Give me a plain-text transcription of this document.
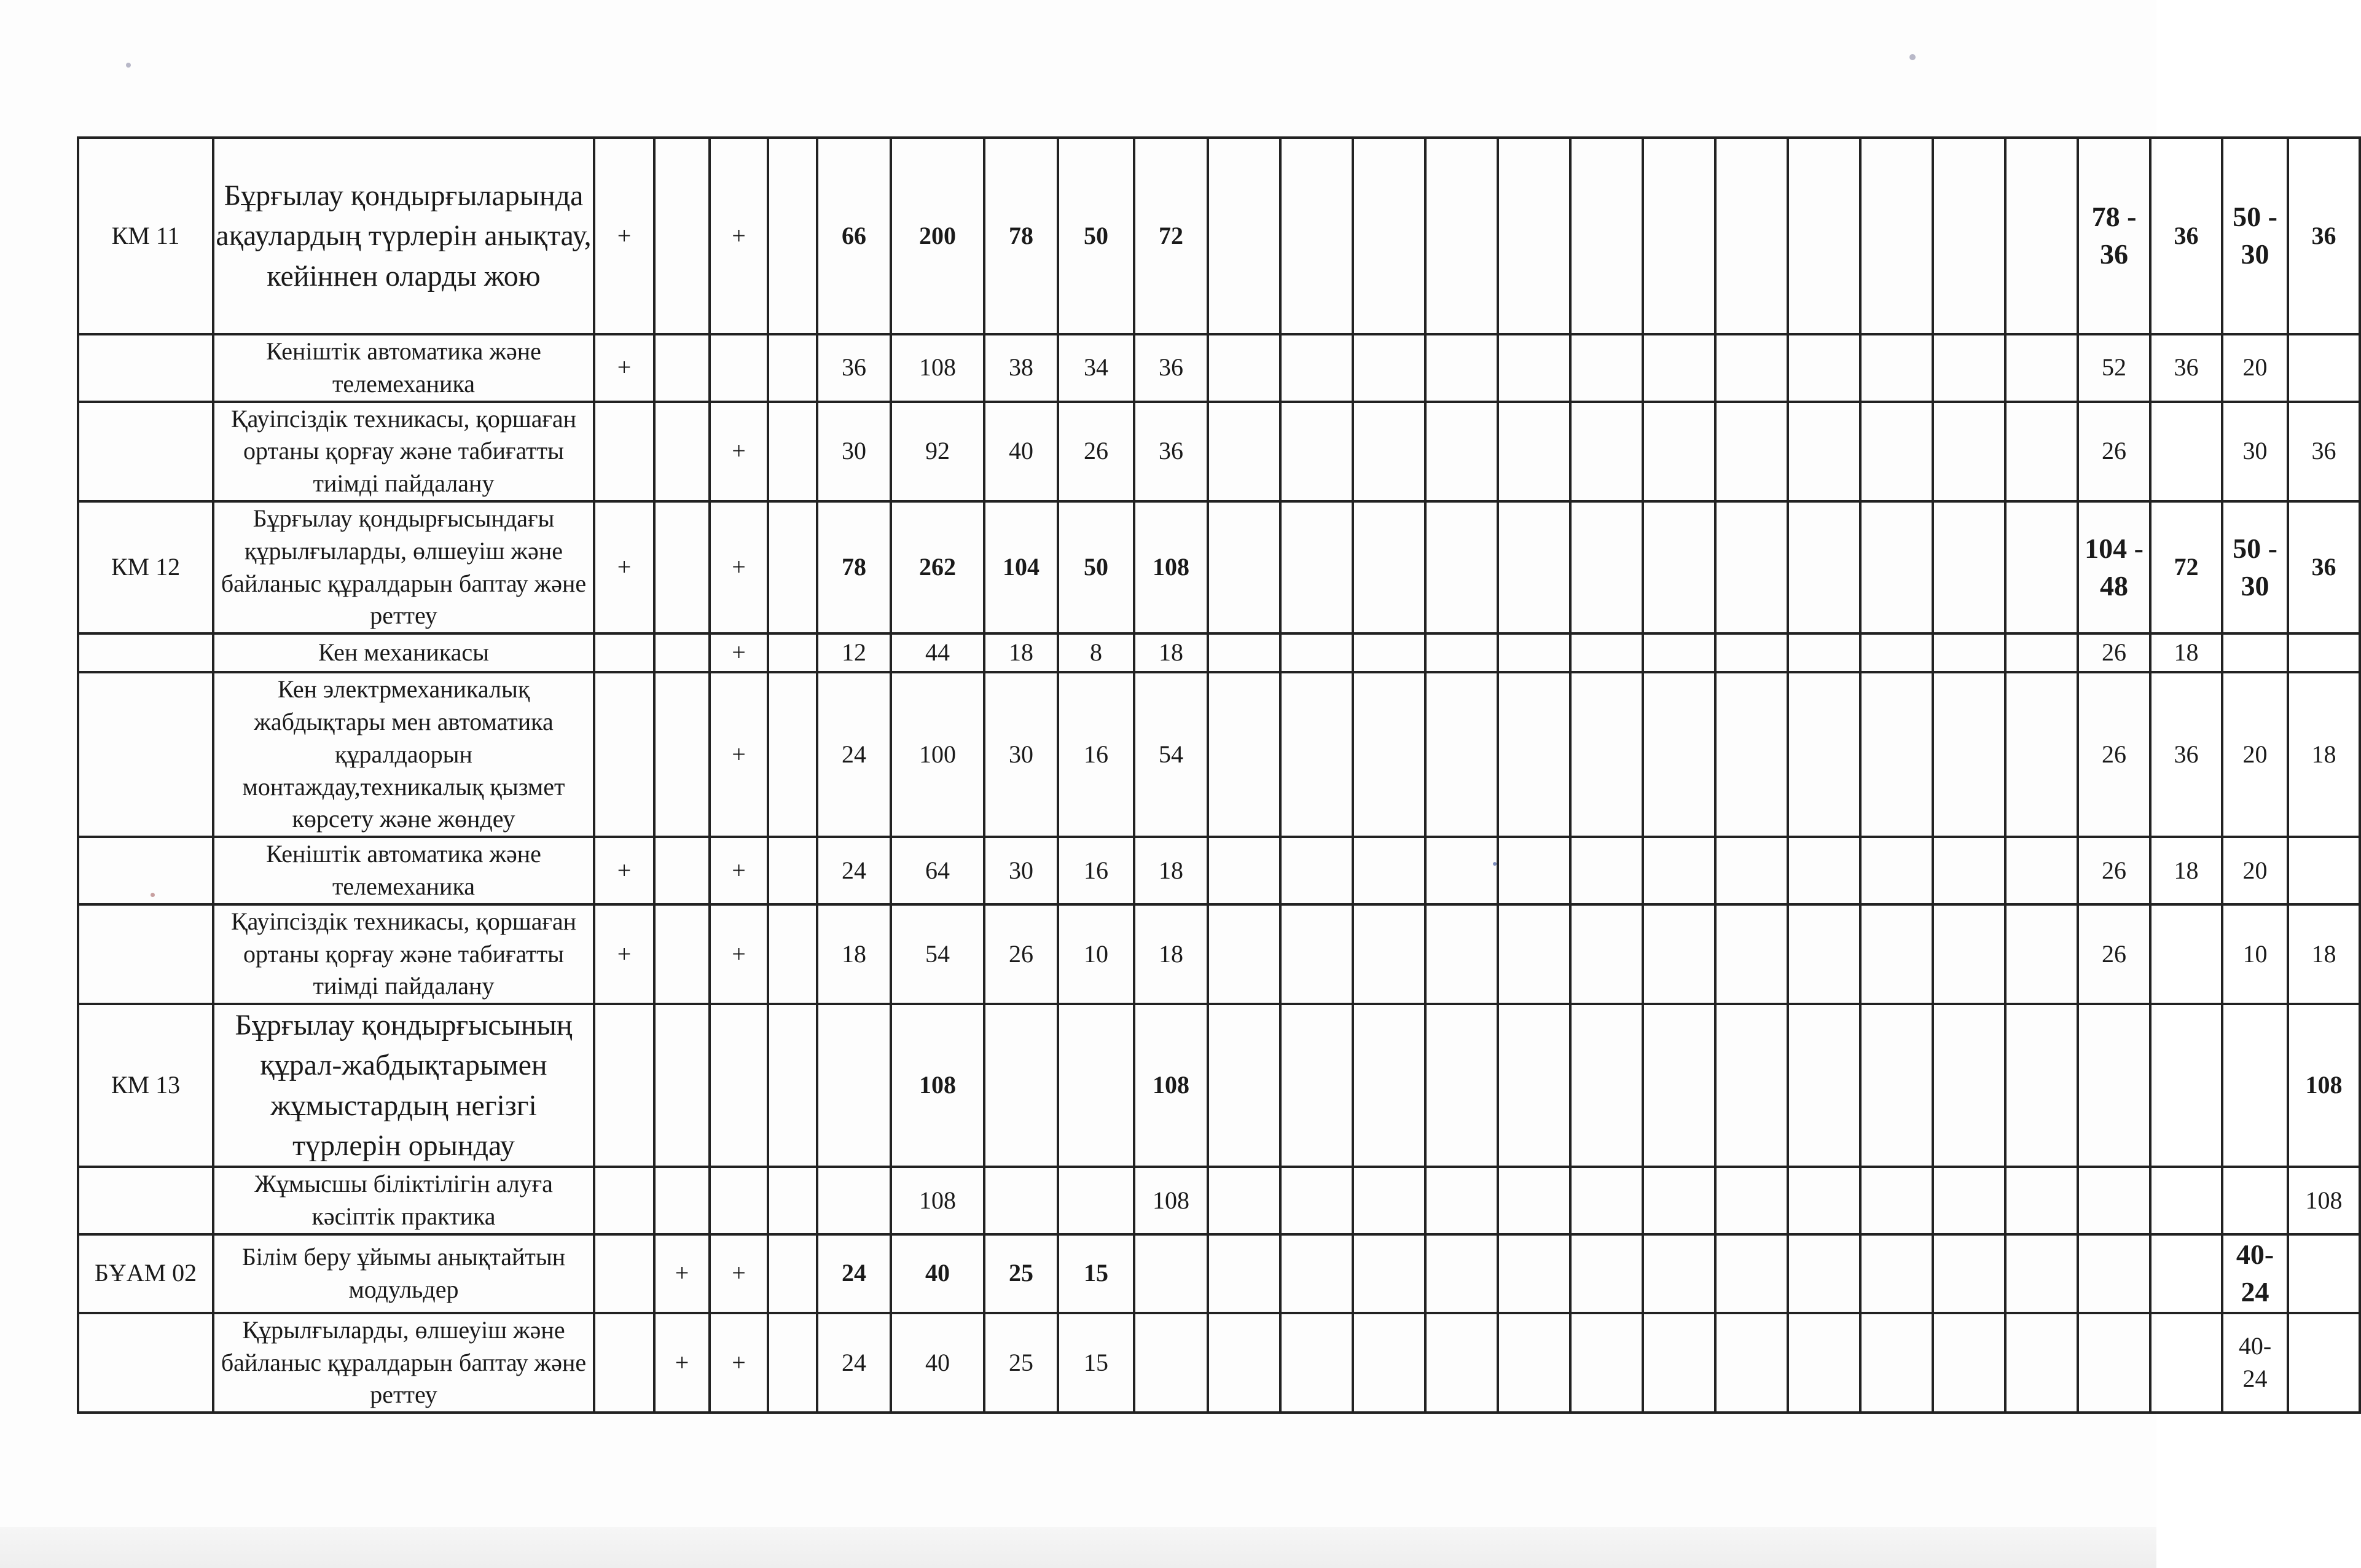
КМ 11	Бұрғылау қондырғыларында ақаулардың түрлерін анықтау, кейіннен оларды жою	+		+		66	200	78	50	72													78 - 36	36	50 - 30	36
	Кеніштік автоматика және телемеханика	+				36	108	38	34	36													52	36	20	
	Қауіпсіздік техникасы, қоршаған ортаны қорғау және табиғатты тиімді пайдалану			+		30	92	40	26	36													26		30	36
КМ 12	Бұрғылау қондырғысындағы құрылғыларды, өлшеуіш және байланыс құралдарын баптау және реттеу	+		+		78	262	104	50	108													104 - 48	72	50 - 30	36
	Кен механикасы			+		12	44	18	8	18													26	18		
	Кен электрмеханикалық жабдықтары мен автоматика құралдаорын монтаждау,техникалық қызмет көрсету және жөндеу			+		24	100	30	16	54													26	36	20	18
	Кеніштік автоматика және телемеханика	+		+		24	64	30	16	18													26	18	20	
	Қауіпсіздік техникасы, қоршаған ортаны қорғау және табиғатты тиімді пайдалану	+		+		18	54	26	10	18													26		10	18
КМ 13	Бұрғылау қондырғысының құрал-жабдықтарымен жұмыстардың негізгі түрлерін орындау						108			108																108
	Жұмысшы біліктілігін алуға кәсіптік практика						108			108																108
БҰАМ 02	Білім беру ұйымы анықтайтын модульдер		+	+		24	40	25	15																40- 24	
	Құрылғыларды, өлшеуіш және байланыс құралдарын баптау және реттеу		+	+		24	40	25	15																40- 24	
